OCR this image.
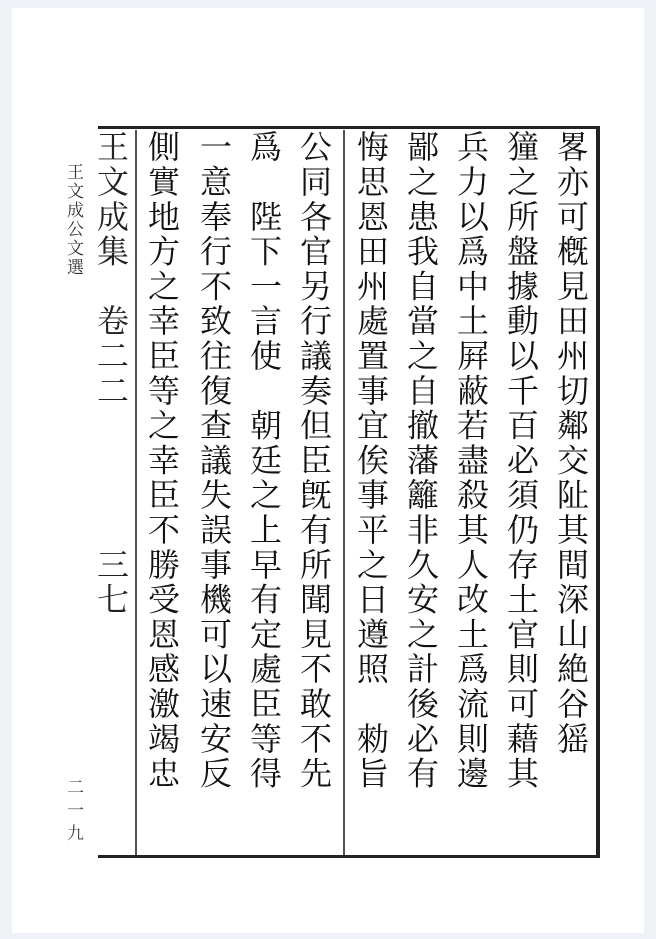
王文成公文選
二一九
畧亦可槪見田州切鄰交阯其間深山絶谷猺
獞之所盤據動以千百必須仍存土官則可藉其
兵力以爲中土屛蔽若盡殺其人改土爲流則邊
鄙之患我自當之自撤藩籬非久安之計後必有
悔思恩田州處置事宜俟事平之日遵照　勑旨
公同各官另行議奏但臣旣有所聞見不敢不先
爲　陛下一言使　朝廷之上早有定處臣等得
一意奉行不致往復查議失誤事機可以速安反
側實地方之幸臣等之幸臣不勝受恩感激竭忠
王文成集　卷二二　　　　三七
